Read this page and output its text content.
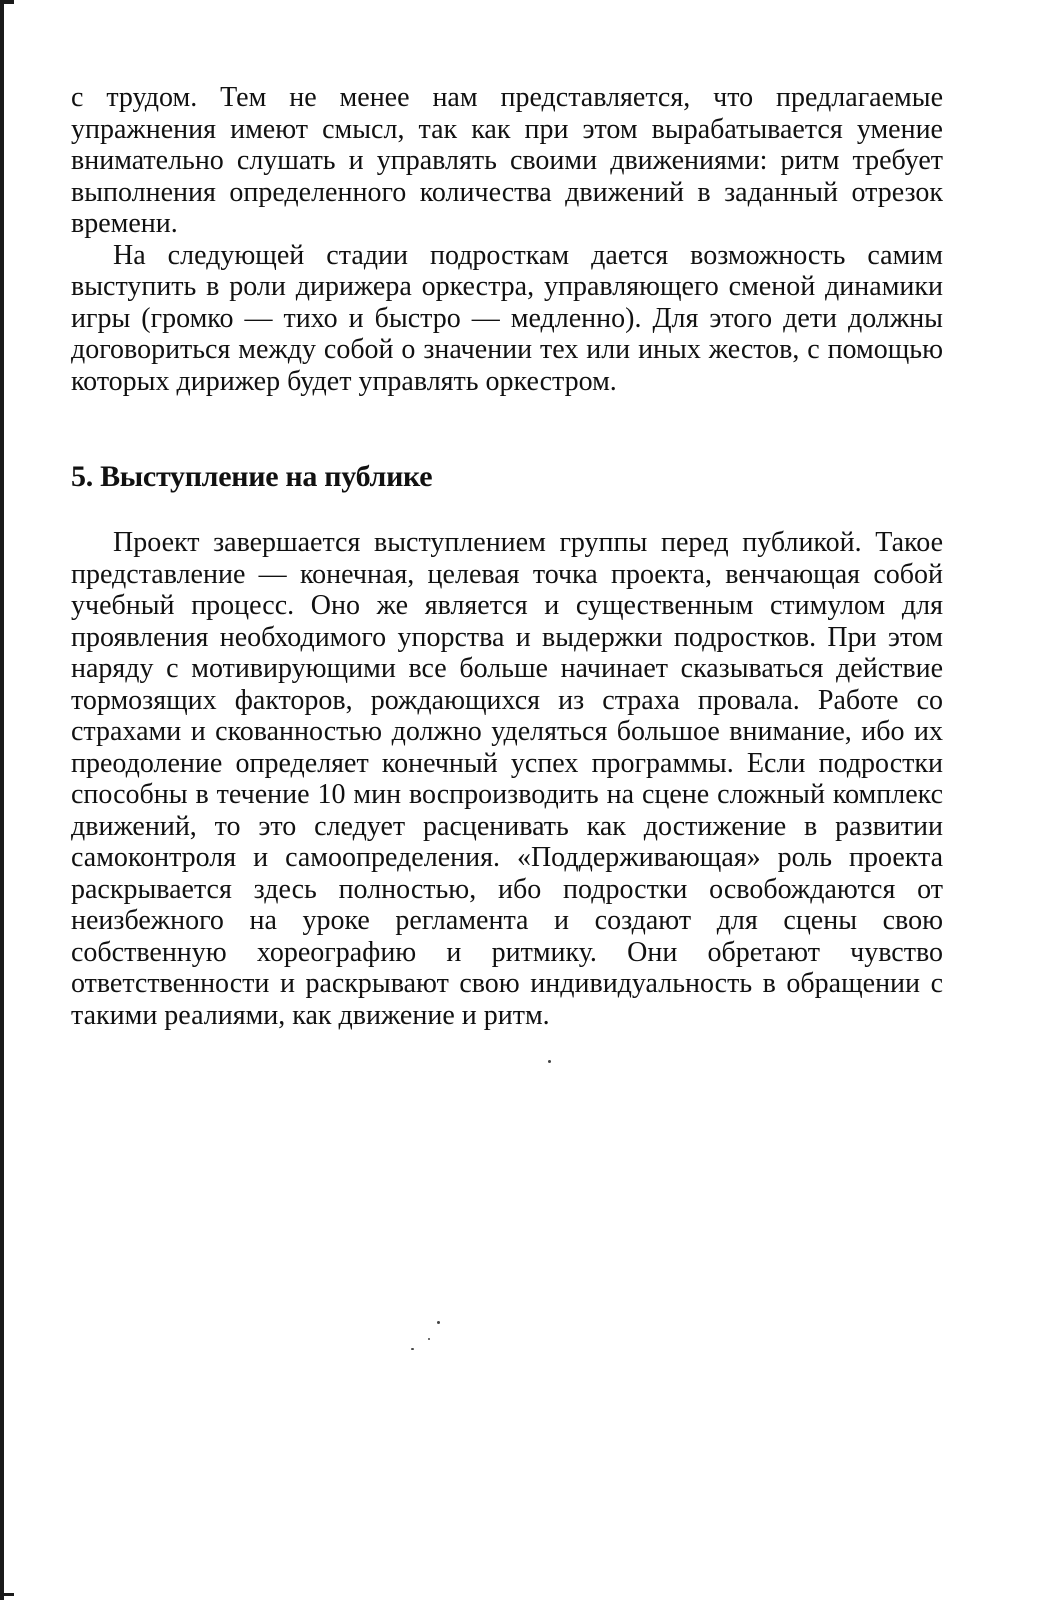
с трудом. Тем не менее нам представляется, что предлагаемые упражнения имеют смысл, так как при этом вырабатывается умение внимательно слушать и управлять своими движениями: ритм требует выполнения определенного количества движений в заданный отрезок времени.

На следующей стадии подросткам дается возможность самим выступить в роли дирижера оркестра, управляющего сменой динамики игры (громко — тихо и быстро — медленно). Для этого дети должны договориться между собой о значении тех или иных жестов, с помощью которых дирижер будет управлять оркестром.

5. Выступление на публике

Проект завершается выступлением группы перед публикой. Такое представление — конечная, целевая точка проекта, венчающая собой учебный процесс. Оно же является и существенным стимулом для проявления необходимого упорства и выдержки подростков. При этом наряду с мотивирующими все больше начинает сказываться действие тормозящих факторов, рождающихся из страха провала. Работе со страхами и скованностью должно уделяться большое внимание, ибо их преодоление определяет конечный успех программы. Если подростки способны в течение 10 мин воспроизводить на сцене сложный комплекс движений, то это следует расценивать как достижение в развитии самоконтроля и самоопределения. «Поддерживающая» роль проекта раскрывается здесь полностью, ибо подростки освобождаются от неизбежного на уроке регламента и создают для сцены свою собственную хореографию и ритмику. Они обретают чувство ответственности и раскрывают свою индивидуальность в обращении с такими реалиями, как движение и ритм.
